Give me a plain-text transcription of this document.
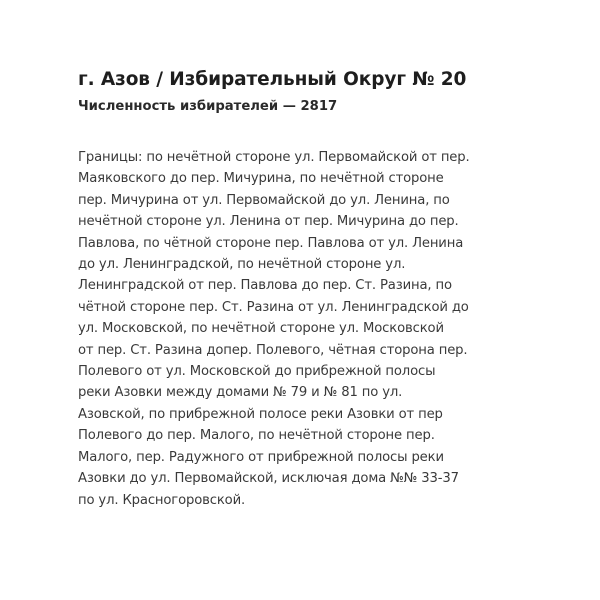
г. Азов / Избирательный Округ № 20
Численность избирателей — 2817

Границы: по нечётной стороне ул. Первомайской от пер.
Маяковского до пер. Мичурина, по нечётной стороне
пер. Мичурина от ул. Первомайской до ул. Ленина, по
нечётной стороне ул. Ленина от пер. Мичурина до пер.
Павлова, по чётной стороне пер. Павлова от ул. Ленина
до ул. Ленинградской, по нечётной стороне ул.
Ленинградской от пер. Павлова до пер. Ст. Разина, по
чётной стороне пер. Ст. Разина от ул. Ленинградской до
ул. Московской, по нечётной стороне ул. Московской
от пер. Ст. Разина допер. Полевого, чётная сторона пер.
Полевого от ул. Московской до прибрежной полосы
реки Азовки между домами № 79 и № 81 по ул.
Азовской, по прибрежной полосе реки Азовки от пер
Полевого до пер. Малого, по нечётной стороне пер.
Малого, пер. Радужного от прибрежной полосы реки
Азовки до ул. Первомайской, исключая дома №№ 33-37
по ул. Красногоровской.
